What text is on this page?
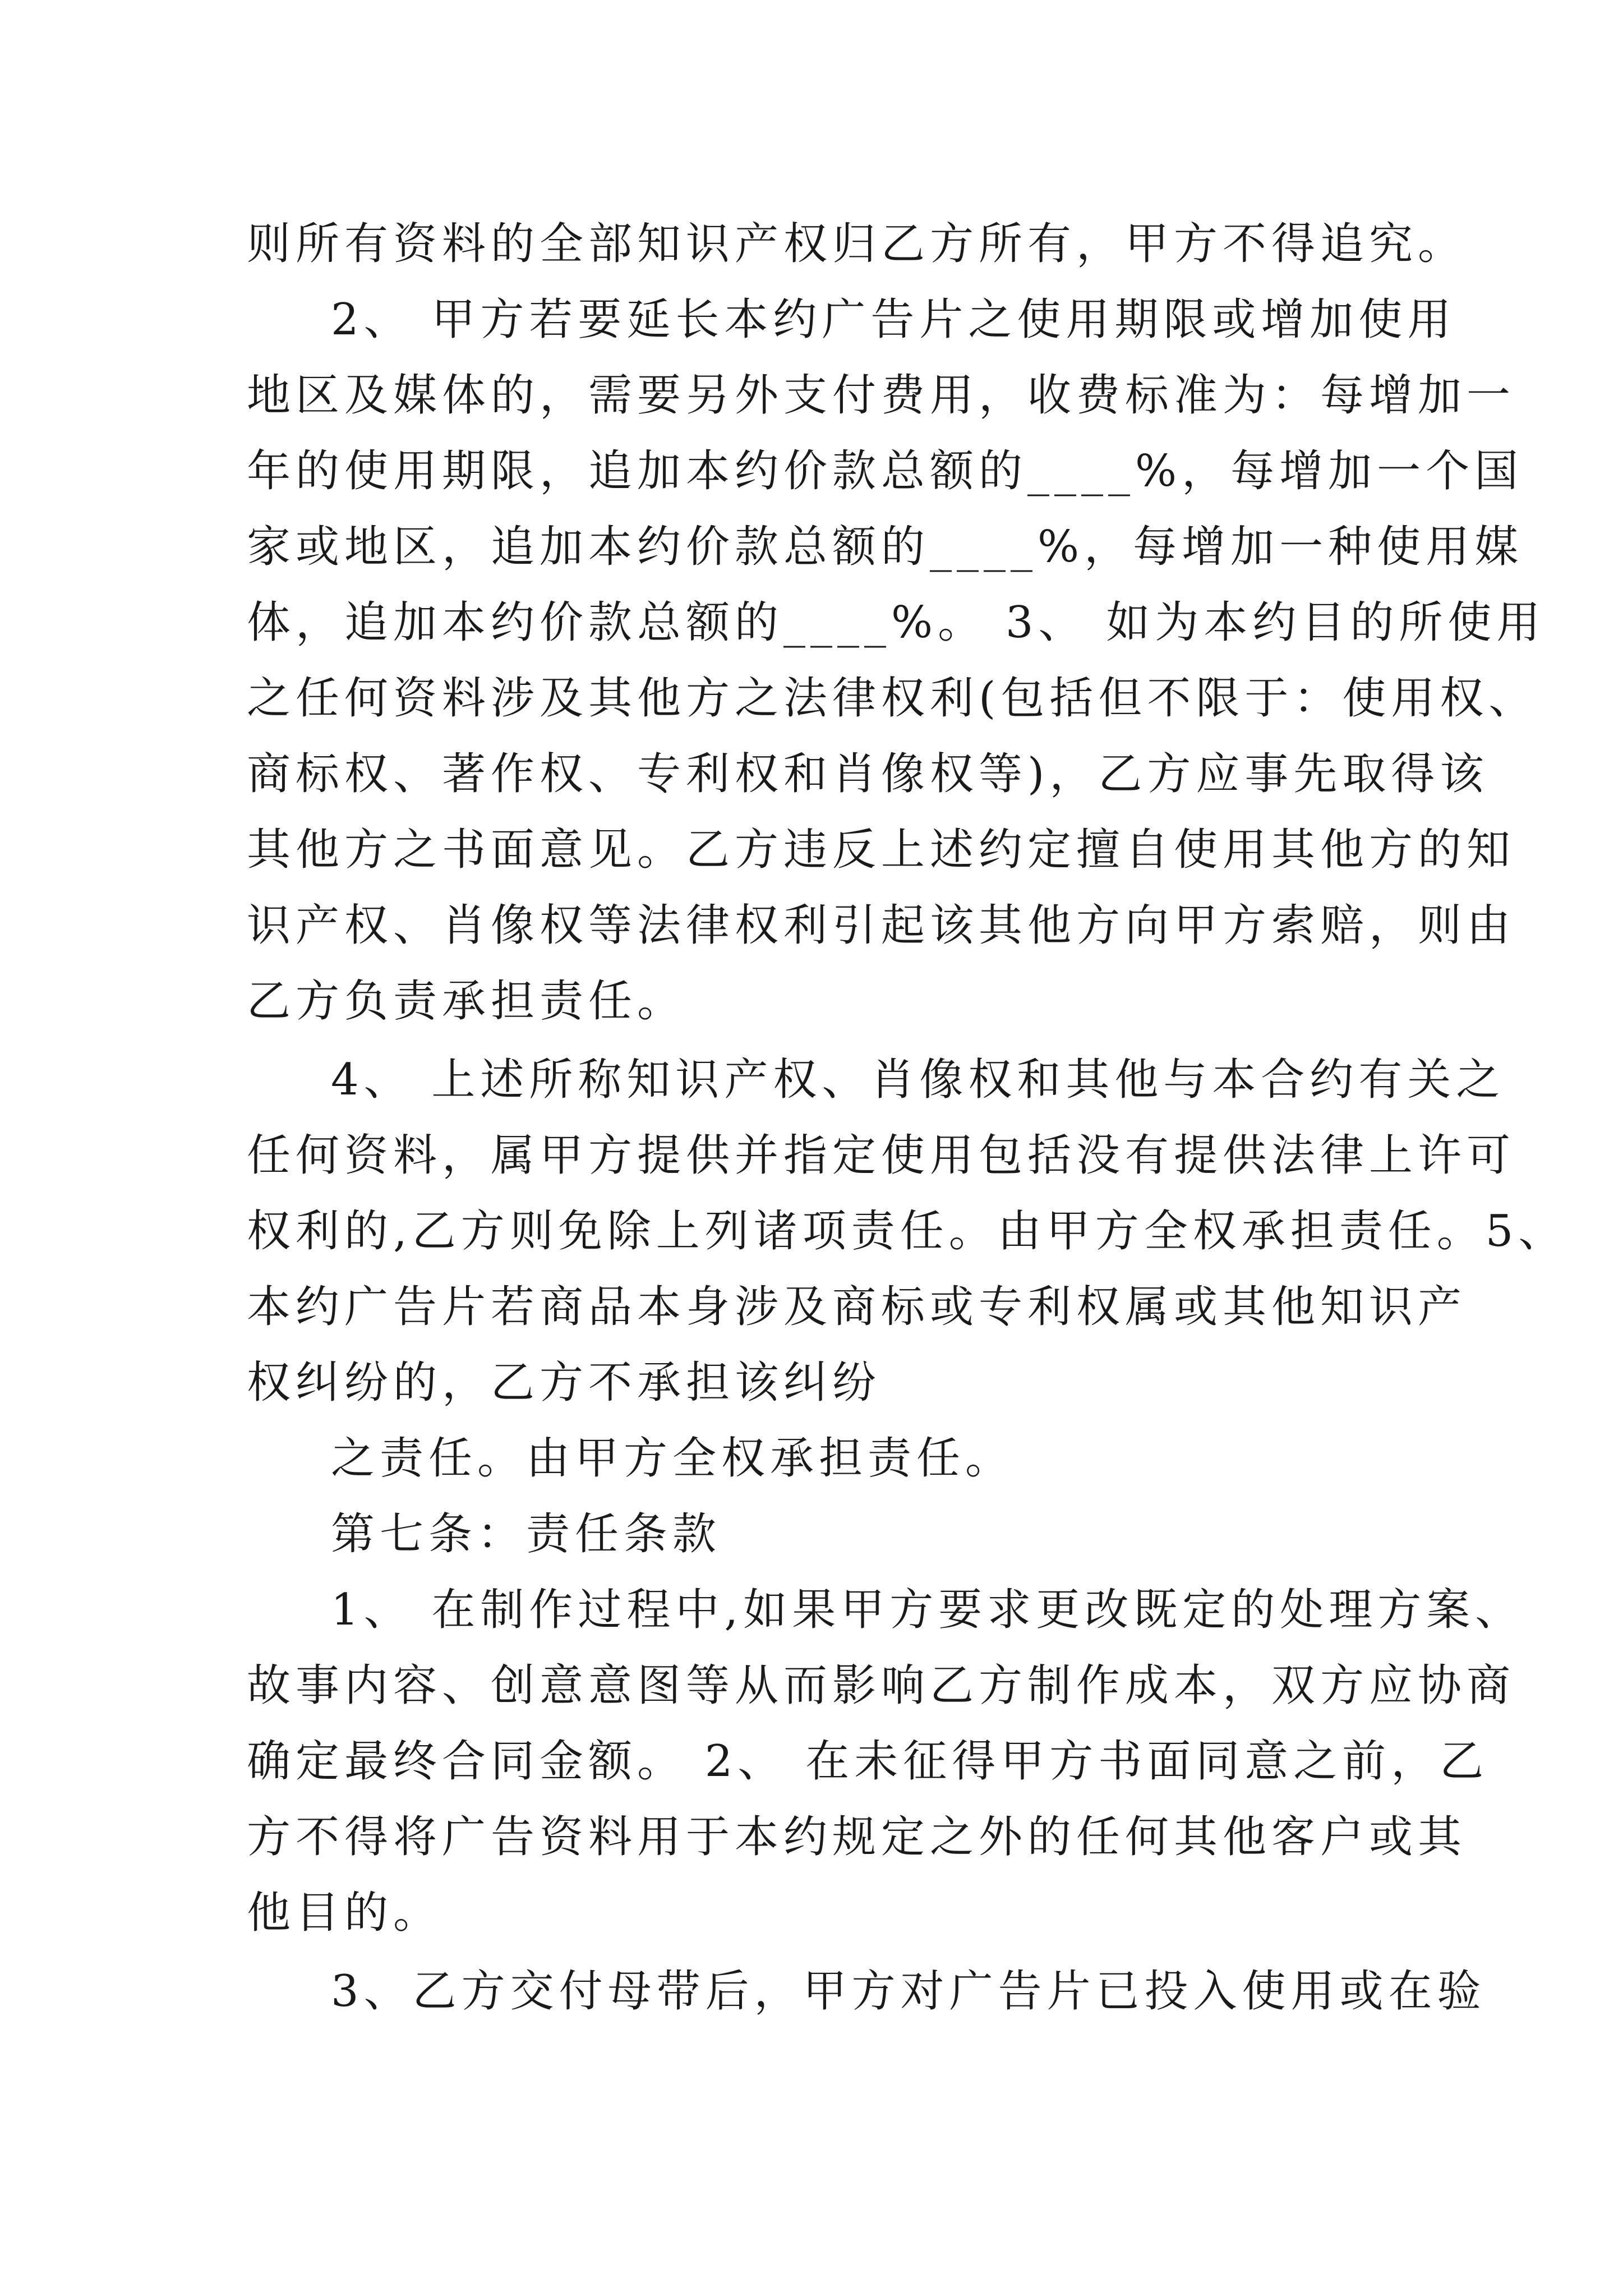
则所有资料的全部知识产权归乙方所有，甲方不得追究。
2、 甲方若要延长本约广告片之使用期限或增加使用
地区及媒体的，需要另外支付费用，收费标准为：每增加一
年的使用期限，追加本约价款总额的____%，每增加一个国
家或地区，追加本约价款总额的____%，每增加一种使用媒
体，追加本约价款总额的____%。 3、 如为本约目的所使用
之任何资料涉及其他方之法律权利(包括但不限于：使用权、
商标权、著作权、专利权和肖像权等)，乙方应事先取得该
其他方之书面意见。乙方违反上述约定擅自使用其他方的知
识产权、肖像权等法律权利引起该其他方向甲方索赔，则由
乙方负责承担责任。
4、 上述所称知识产权、肖像权和其他与本合约有关之
任何资料，属甲方提供并指定使用包括没有提供法律上许可
权利的,乙方则免除上列诸项责任。由甲方全权承担责任。5、
本约广告片若商品本身涉及商标或专利权属或其他知识产
权纠纷的，乙方不承担该纠纷
之责任。由甲方全权承担责任。
第七条：责任条款
1、 在制作过程中,如果甲方要求更改既定的处理方案、
故事内容、创意意图等从而影响乙方制作成本，双方应协商
确定最终合同金额。 2、 在未征得甲方书面同意之前，乙
方不得将广告资料用于本约规定之外的任何其他客户或其
他目的。
3、乙方交付母带后，甲方对广告片已投入使用或在验
